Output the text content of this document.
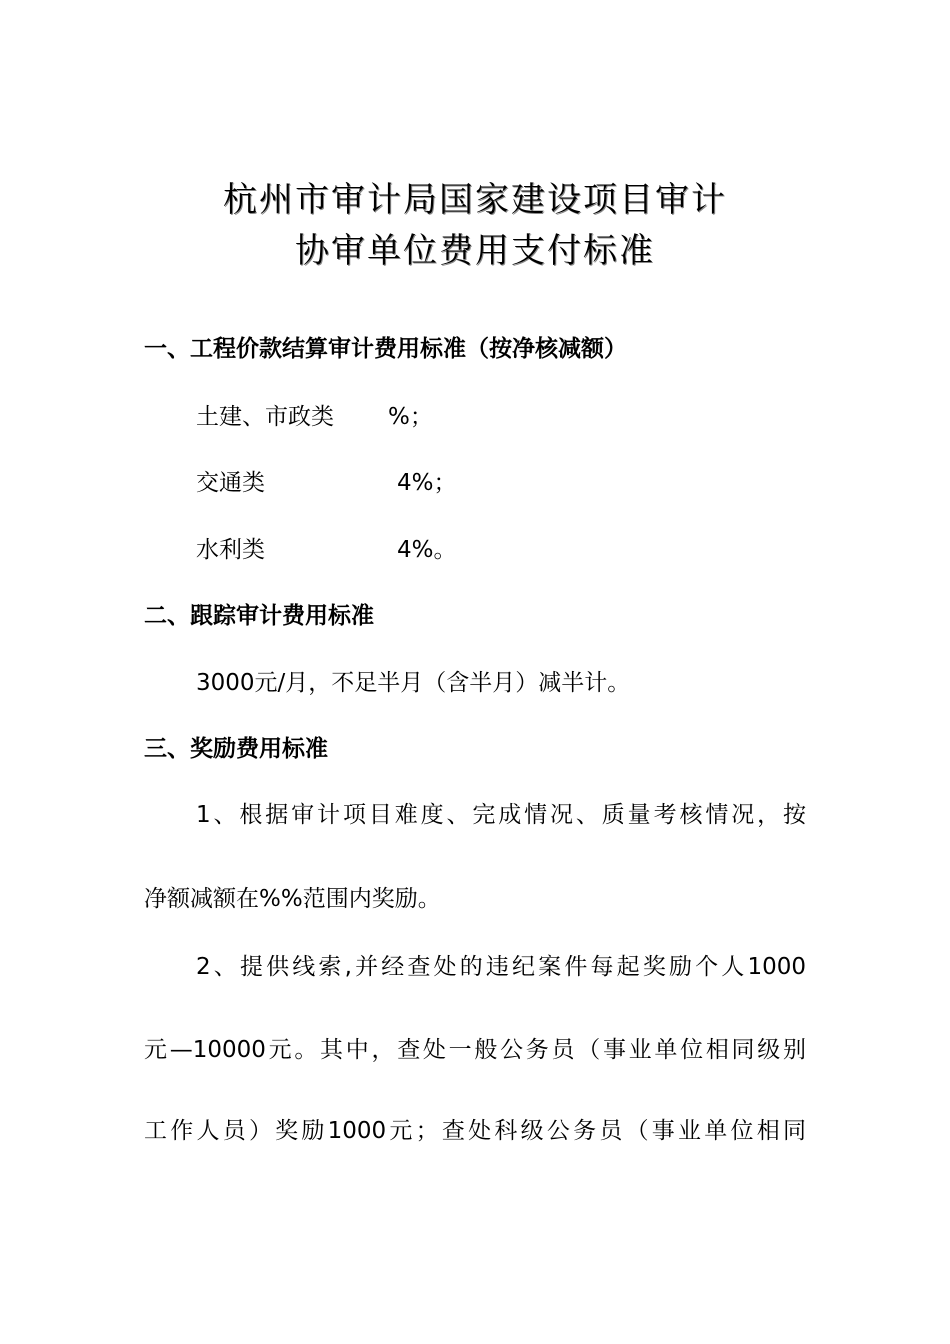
杭州市审计局国家建设项目审计
协审单位费用支付标准
一、工程价款结算审计费用标准（按净核减额）
土建、市政类 %；
交通类	4%；
水利类	4%。
二、跟踪审计费用标准
3000元/月，不足半月（含半月）减半计。
三、奖励费用标准
1、根据审计项目难度、完成情况、质量考核情况，按
净额减额在%%范围内奖励。
2、提供线索,并经查处的违纪案件每起奖励个人1000
元—10000元。其中，查处一般公务员（事业单位相同级别
工作人员）奖励1000元；查处科级公务员（事业单位相同
